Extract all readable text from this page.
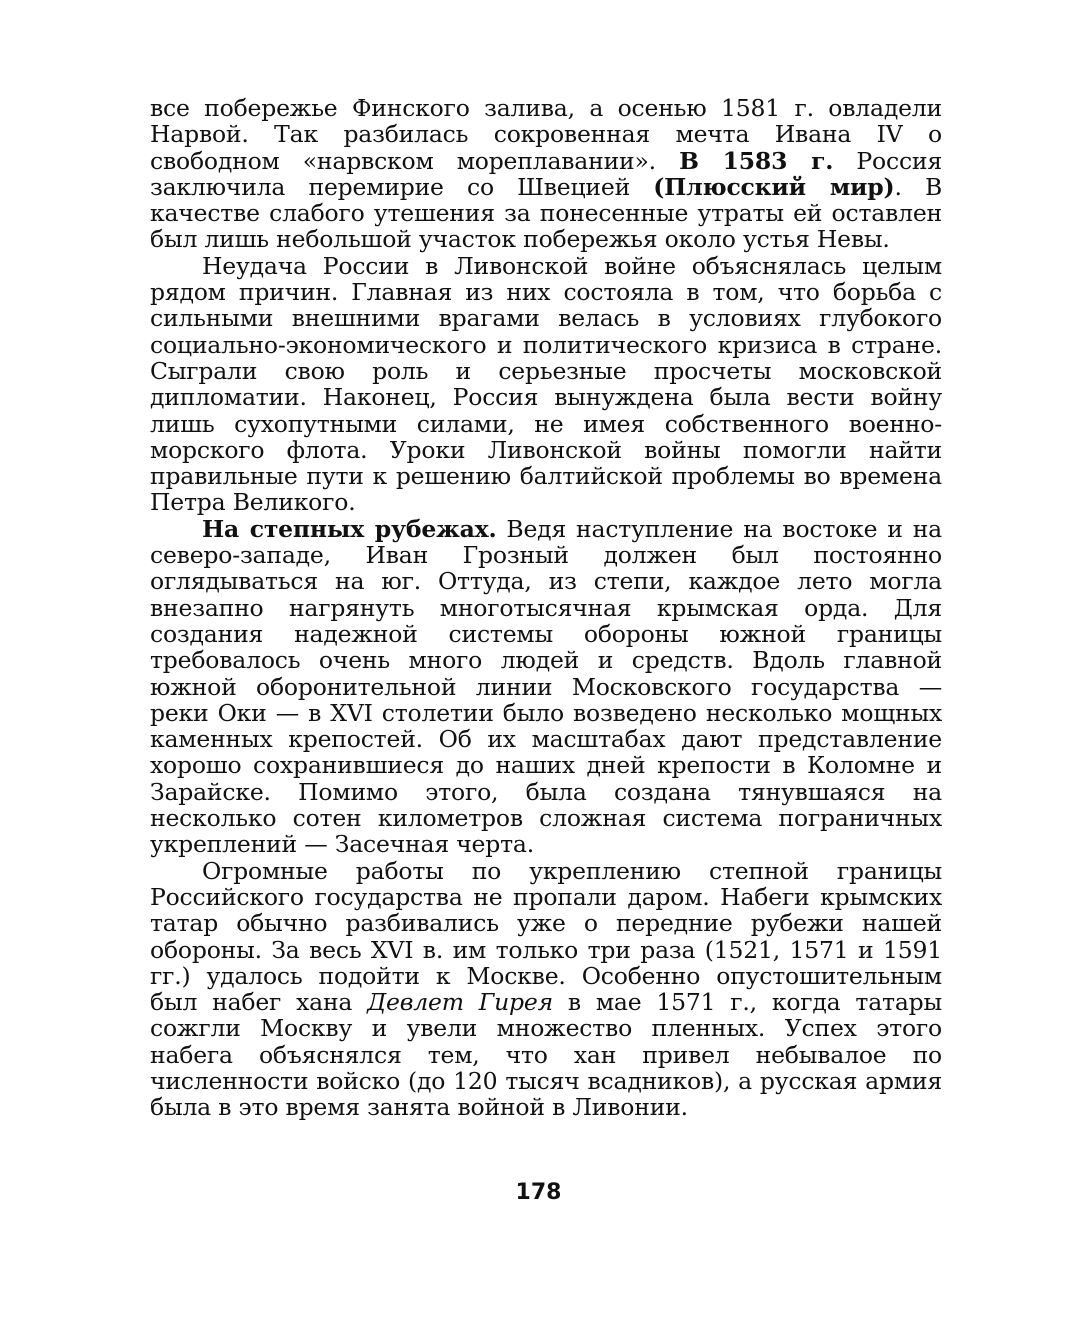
все побережье Финского залива, а осенью 1581 г. овладели Нарвой. Так разбилась сокровенная мечта Ивана IV о свободном «нарвском мореплавании». В 1583 г. Россия заключила перемирие со Швецией (Плюсский мир). В качестве слабого утешения за понесенные утраты ей оставлен был лишь небольшой участок побережья около устья Невы.

Неудача России в Ливонской войне объяснялась целым рядом причин. Главная из них состояла в том, что борьба с сильными внешними врагами велась в условиях глубокого социально-экономического и политического кризиса в стране. Сыграли свою роль и серьезные просчеты московской дипломатии. Наконец, Россия вынуждена была вести войну лишь сухопутными силами, не имея собственного военно-морского флота. Уроки Ливонской войны помогли найти правильные пути к решению балтийской проблемы во времена Петра Великого.

На степных рубежах. Ведя наступление на востоке и на северо-западе, Иван Грозный должен был постоянно оглядываться на юг. Оттуда, из степи, каждое лето могла внезапно нагрянуть многотысячная крымская орда. Для создания надежной системы обороны южной границы требовалось очень много людей и средств. Вдоль главной южной оборонительной линии Московского государства — реки Оки — в XVI столетии было возведено несколько мощных каменных крепостей. Об их масштабах дают представление хорошо сохранившиеся до наших дней крепости в Коломне и Зарайске. Помимо этого, была создана тянувшаяся на несколько сотен километров сложная система пограничных укреплений — Засечная черта.

Огромные работы по укреплению степной границы Российского государства не пропали даром. Набеги крымских татар обычно разбивались уже о передние рубежи нашей обороны. За весь XVI в. им только три раза (1521, 1571 и 1591 гг.) удалось подойти к Москве. Особенно опустошительным был набег хана Девлет Гирея в мае 1571 г., когда татары сожгли Москву и увели множество пленных. Успех этого набега объяснялся тем, что хан привел небывалое по численности войско (до 120 тысяч всадников), а русская армия была в это время занята войной в Ливонии.

178
